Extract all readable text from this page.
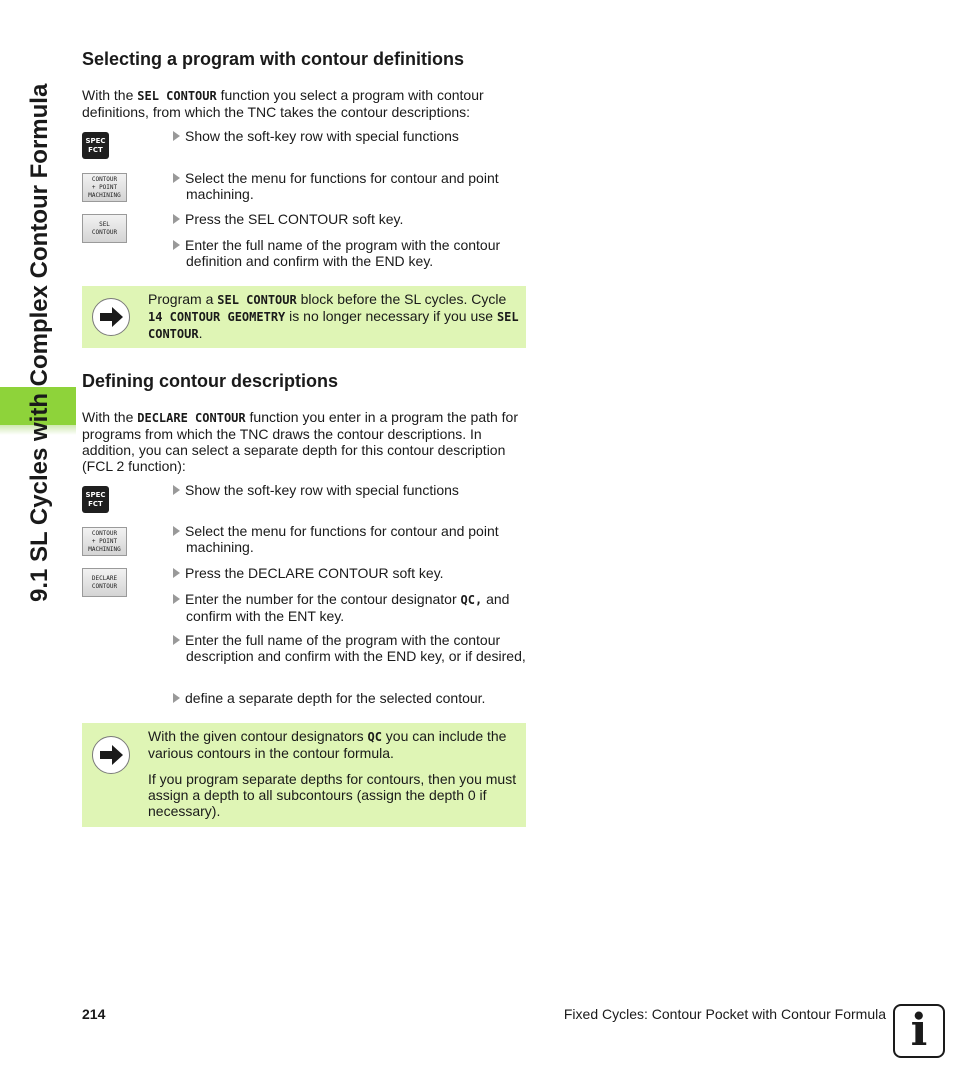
9.1 SL Cycles with Complex Contour Formula
Selecting a program with contour definitions

With the SEL CONTOUR function you select a program with contour definitions, from which the TNC takes the contour descriptions:

SPEC
FCT
Show the soft-key row with special functions
CONTOUR
+ POINT
MACHINING
Select the menu for functions for contour and point machining.
SEL
CONTOUR
Press the SEL CONTOUR soft key.
Enter the full name of the program with the contour definition and confirm with the END key.
Program a SEL CONTOUR block before the SL cycles. Cycle 14 CONTOUR GEOMETRY is no longer necessary if you use SEL CONTOUR.
Defining contour descriptions

With the DECLARE CONTOUR function you enter in a program the path for programs from which the TNC draws the contour descriptions. In addition, you can select a separate depth for this contour description (FCL 2 function):

SPEC
FCT
Show the soft-key row with special functions
CONTOUR
+ POINT
MACHINING
Select the menu for functions for contour and point machining.
DECLARE
CONTOUR
Press the DECLARE CONTOUR soft key.
Enter the number for the contour designator QC, and confirm with the ENT key.
Enter the full name of the program with the contour description and confirm with the END key, or if desired,
define a separate depth for the selected contour.

With the given contour designators QC you can include the various contours in the contour formula.

If you program separate depths for contours, then you must assign a depth to all subcontours (assign the depth 0 if necessary).

214	Fixed Cycles: Contour Pocket with Contour Formula i
